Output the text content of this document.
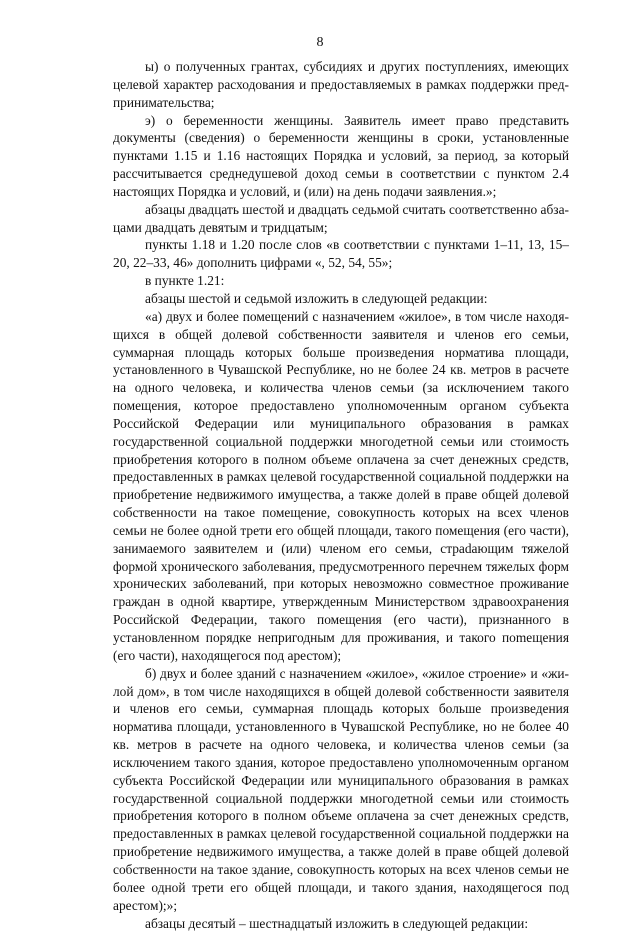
8

ы) о полученных грантах, субсидиях и других поступлениях, имеющих целевой характер расходования и предоставляемых в рамках поддержки предпринимательства;

э) о беременности женщины. Заявитель имеет право представить документы (сведения) о беременности женщины в сроки, установленные пунктами 1.15 и 1.16 настоящих Порядка и условий, за период, за который рассчитывается среднедушевой доход семьи в соответствии с пунктом 2.4 настоящих Порядка и условий, и (или) на день подачи заявления.»;

абзацы двадцать шестой и двадцать седьмой считать соответственно абзацами двадцать девятым и тридцатым;

пункты 1.18 и 1.20 после слов «в соответствии с пунктами 1–11, 13, 15–20, 22–33, 46» дополнить цифрами «, 52, 54, 55»;

в пункте 1.21:

абзацы шестой и седьмой изложить в следующей редакции:

«а) двух и более помещений с назначением «жилое», в том числе находящихся в общей долевой собственности заявителя и членов его семьи, суммарная площадь которых больше произведения норматива площади, установленного в Чувашской Республике, но не более 24 кв. метров в расчете на одного человека, и количества членов семьи (за исключением такого помещения, которое предоставлено уполномоченным органом субъекта Российской Федерации или муниципального образования в рамках государственной социальной поддержки многодетной семьи или стоимость приобретения которого в полном объеме оплачена за счет денежных средств, предоставленных в рамках целевой государственной социальной поддержки на приобретение недвижимого имущества, а также долей в праве общей долевой собственности на такое помещение, совокупность которых на всех членов семьи не более одной трети его общей площади, такого помещения (его части), занимаемого заявителем и (или) членом его семьи, страdающим тяжелой формой хронического заболевания, предусмотренного перечнем тяжелых форм хронических заболеваний, при которых невозможно совместное проживание граждан в одной квартире, утвержденным Министерством здравоохранения Российской Федерации, такого помещения (его части), признанного в установленном порядке непригодным для проживания, и такого поmещения (его части), находящегося под арестом);

б) двух и более зданий с назначением «жилое», «жилое строение» и «жилой дом», в том числе находящихся в общей долевой собственности заявителя и членов его семьи, суммарная площадь которых больше произведения норматива площади, установленного в Чувашской Республике, но не более 40 кв. метров в расчете на одного человека, и количества членов семьи (за исключением такого здания, которое предоставлено уполномоченным органом субъекта Российской Федерации или муниципального образования в рамках государственной социальной поддержки многодетной семьи или стоимость приобретения которого в полном объеме оплачена за счет денежных средств, предоставленных в рамках целевой государственной социальной поддержки на приобретение недвижимого имущества, а также долей в праве общей долевой собственности на такое здание, совокупность которых на всех членов семьи не более одной трети его общей площади, и такого здания, находящегося под арестом);»;

абзацы десятый – шестнадцатый изложить в следующей редакции:
